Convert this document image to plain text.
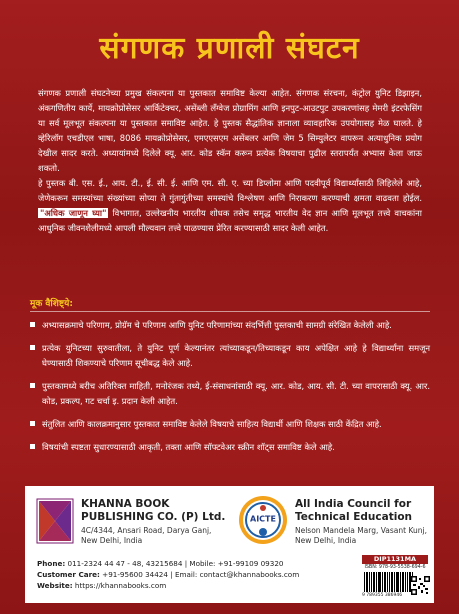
संगणक प्रणाली संघटन

संगणक प्रणाली संघटनेच्या प्रमुख संकल्पना या पुस्तकात समाविष्ट केल्या आहेत. संगणक संरचना, कंट्रोल युनिट डिझाइन, अंकगणितीय कार्ये, मायक्रोप्रोसेसर आर्किटेक्चर, असेंब्ली लँग्वेज प्रोग्रामिंग आणि इनपुट-आउटपुट उपकरणांसह मेमरी इंटरफेसिंग या सर्व मूलभूत संकल्पना या पुस्तकात समाविष्ट आहेत. हे पुस्तक सैद्धांतिक ज्ञानाला व्यावहारिक उपयोगासह मेळ घालते. हे व्हेरिलॉग एचडीएल भाषा, 8086 मायक्रोप्रोसेसर, एमएएसएम असेंबलर आणि जेम 5 सिम्युलेटर वापरून अत्याधुनिक प्रयोग देखील सादर करते. अध्यायांमध्ये दिलेले क्यू. आर. कोड स्कॅन करून प्रत्येक विषयाचा पुढील स्तरापर्यंत अभ्यास केला जाऊ शकतो.

हे पुस्तक बी. एस. ई., आय. टी., ई. सी. ई. आणि एम. सी. ए. च्या डिप्लोमा आणि पदवीपूर्व विद्यार्थ्यांसाठी लिहिलेले आहे, जेणेकरून समस्यांच्या संख्यांच्या सोप्या ते गुंतागुंतीच्या समस्यांचे विश्लेषण आणि निराकरण करण्याची क्षमता वाढवता होईल. "अधिक जाणून घ्या" विभागात, उल्लेखनीय भारतीय शोधक तसेच समृद्ध भारतीय वेद ज्ञान आणि मूलभूत तत्त्वे वाचकांना आधुनिक जीवनशैलीमध्ये आपली मौल्यवान तत्त्वे पाळण्यास प्रेरित करण्यासाठी सादर केली आहेत.

मूक वैशिष्ट्ये:
अभ्यासक्रमाचे परिणाम, प्रोग्रॅम चे परिणाम आणि युनिट परिणामांच्या संदर्भित्ती पुस्तकाची सामग्री संरेखित केलेली आहे.
प्रत्येक युनिटच्या सुरुवातीला, ते युनिट पूर्ण केल्यानंतर त्यांच्याकडून/तिच्याकडून काय अपेक्षित आहे हे विद्यार्थ्यांना समजून घेण्यासाठी शिकण्याचे परिणाम सूचीबद्ध केले आहे.
पुस्तकामध्ये बरीच अतिरिक्त माहिती, मनोरंजक तथ्ये, ई-संसाधनांसाठी क्यू. आर. कोड, आय. सी. टी. च्या वापरासाठी क्यू. आर. कोड, प्रकल्प, गट चर्चा इ. प्रदान केली आहेत.
संतुलित आणि कालक्रमानुसार पुस्तकात समाविष्ट केलेले विषयाचे साहित्य विद्यार्थी आणि शिक्षक साठी केंद्रित आहे.
विषयांची स्पष्टता सुधारण्यासाठी आकृती, तक्ता आणि सॉफ्टवेअर स्क्रीन शॉट्स समाविष्ट केले आहे.
KHANNA BOOK
PUBLISHING CO. (P) Ltd.
4C/4344, Ansari Road, Darya Ganj,
New Delhi, India
AICTE
All India Council for
Technical Education
Nelson Mandela Marg, Vasant Kunj,
New Delhi, India
Phone: 011-2324 44 47 - 48, 43215684 | Mobile: +91-99109 09320
Customer Care: +91-95600 34424 | Email: contact@khannabooks.com
Website: https://khannabooks.com
DIP1131MA
ISBN: 978-93-5538-694-6
9 789355 386946
